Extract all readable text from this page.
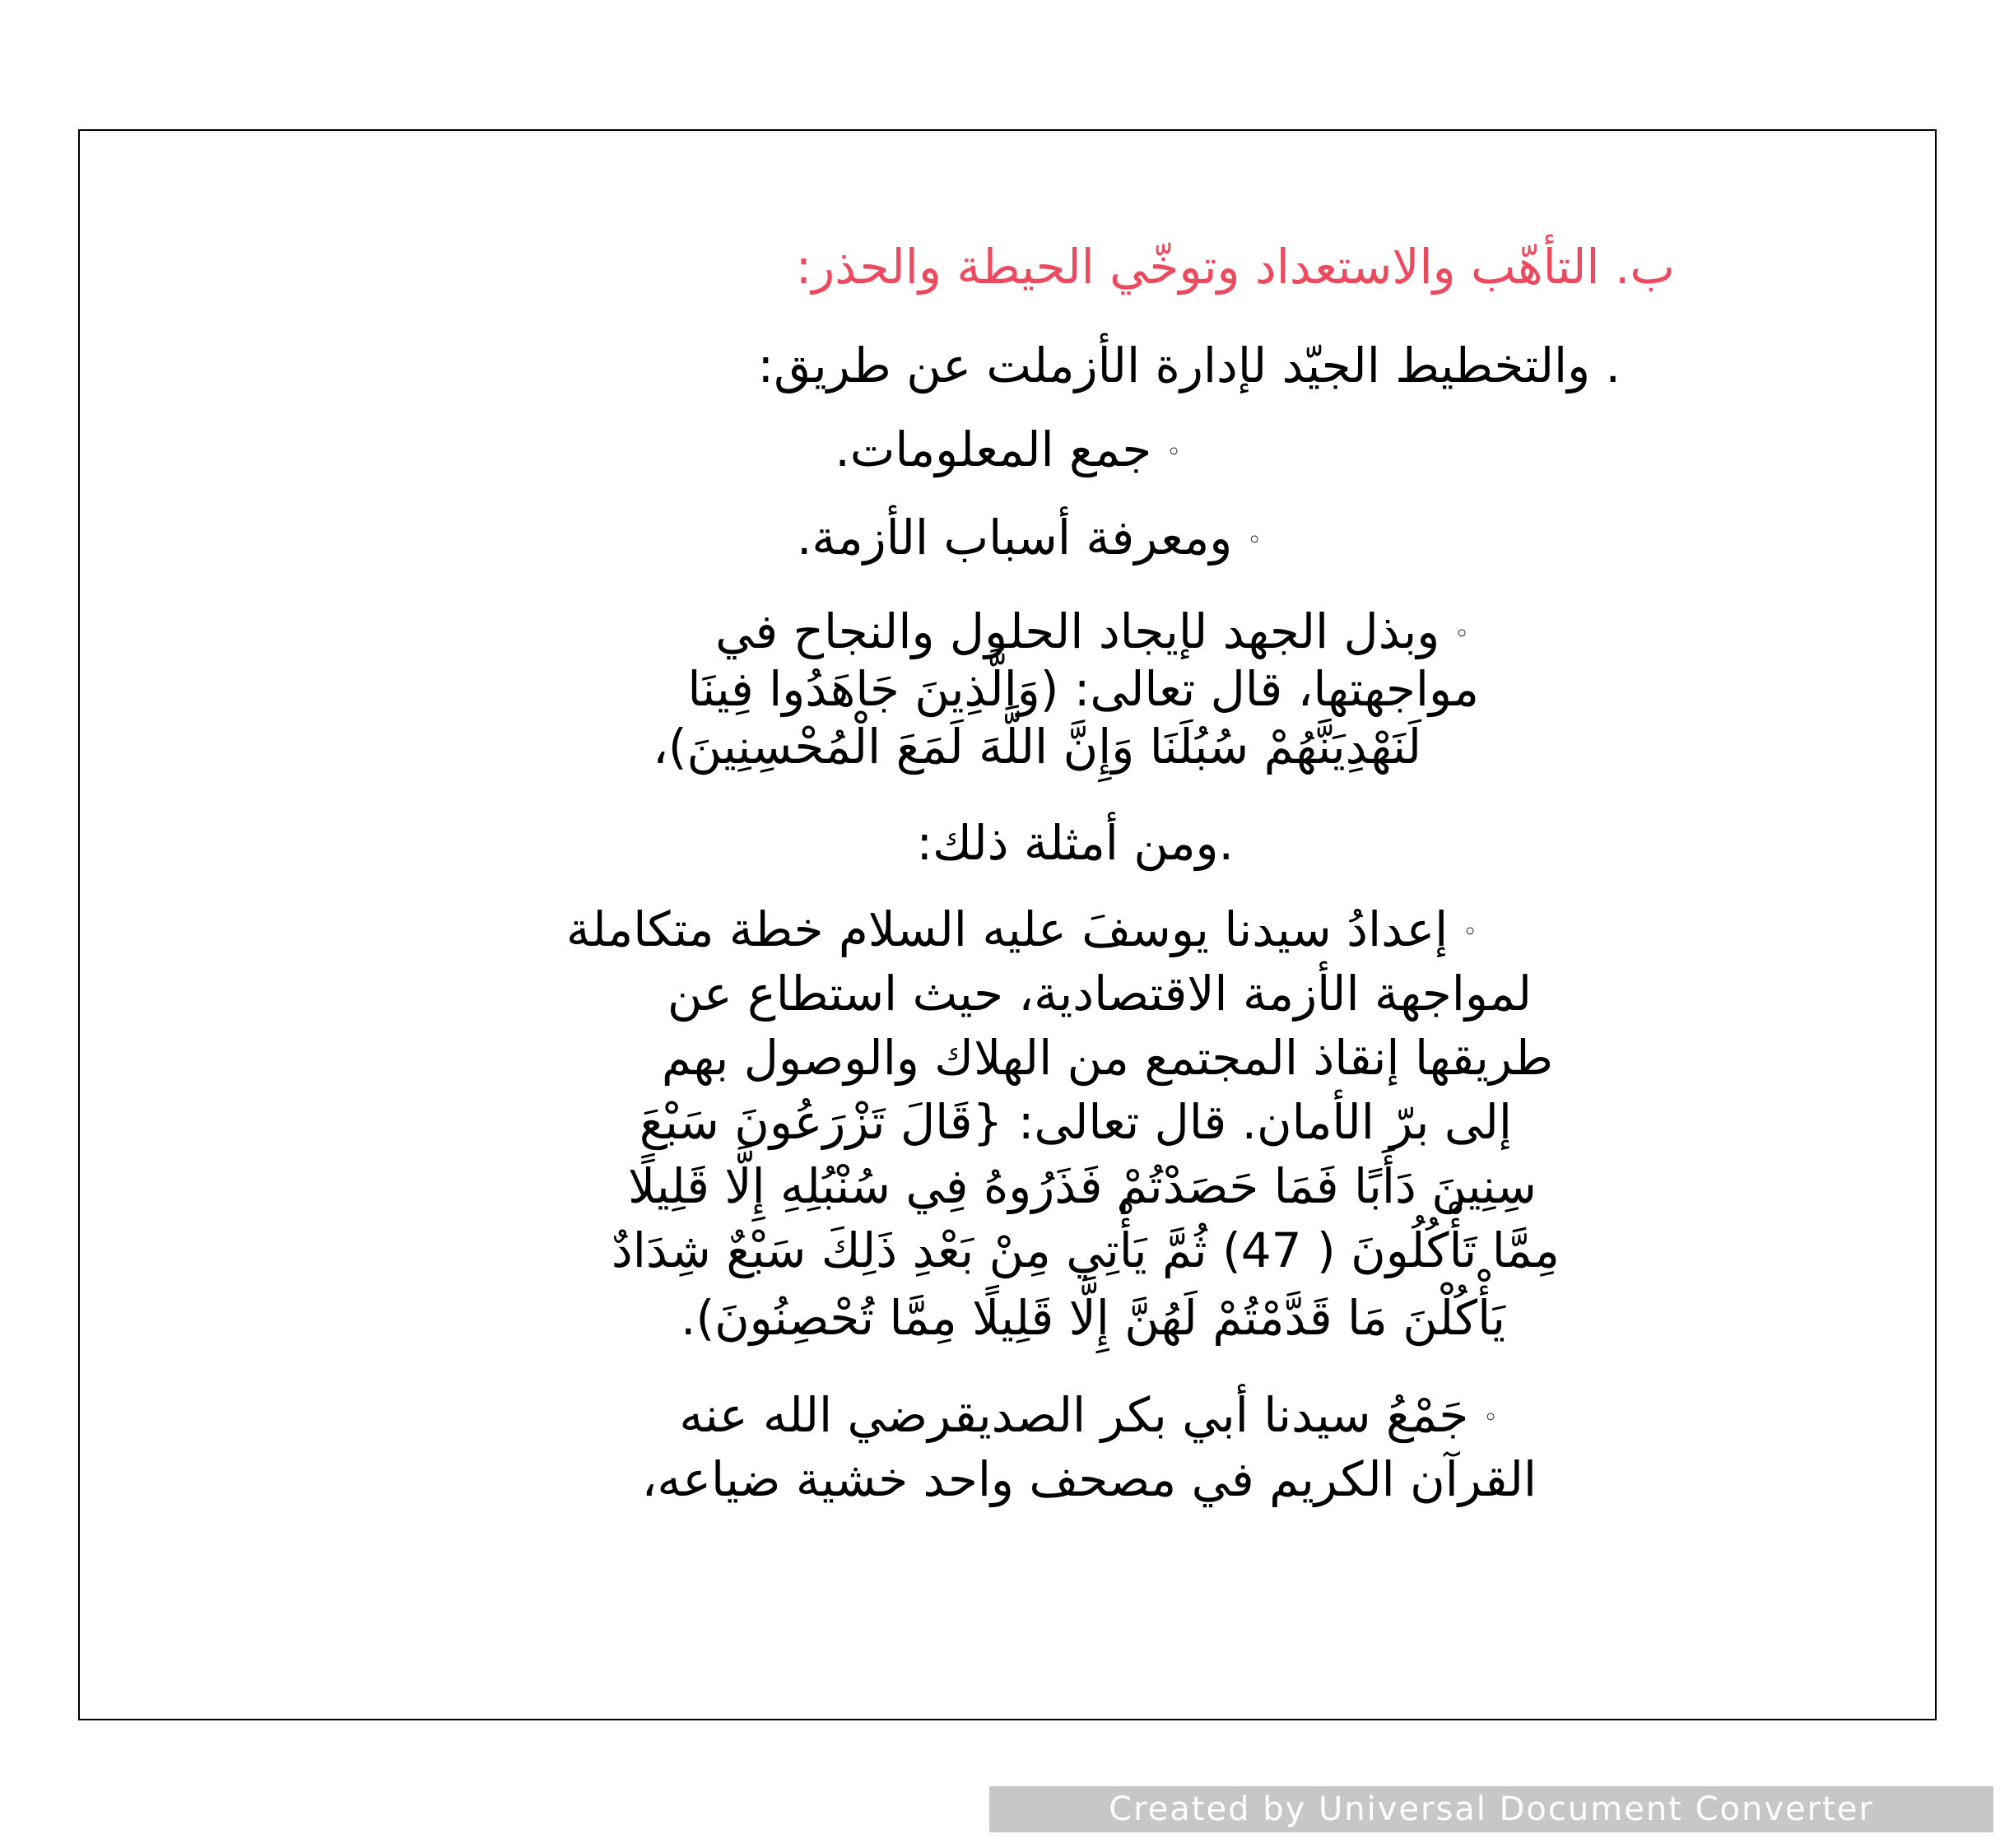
ب. التأهّب والاستعداد وتوخّي الحيطة والحذر:
. والتخطيط الجيّد لإدارة الأزملت عن طريق:
◦جمع المعلومات.
◦ومعرفة أسباب الأزمة.
◦وبذل الجهد لإيجاد الحلول والنجاح في
مواجهتها، قال تعالى: (وَالَّذِينَ جَاهَدُوا فِينَا
لَنَهْدِيَنَّهُمْ سُبُلَنَا وَإِنَّ اللَّهَ لَمَعَ الْمُحْسِنِينَ)،
.ومن أمثلة ذلك:
◦إعدادُ سيدنا يوسفَ عليه السلام خطة متكاملة
لمواجهة الأزمة الاقتصادية، حيث استطاع عن
طريقها إنقاذ المجتمع من الهلاك والوصول بهم
إلى برّ الأمان. قال تعالى: {قَالَ تَزْرَعُونَ سَبْعَ
سِنِينَ دَأَبًا فَمَا حَصَدْتُمْ فَذَرُوهُ فِي سُنْبُلِهِ إِلَّا قَلِيلًا
مِمَّا تَأْكُلُونَ ( 47) ثُمَّ يَأْتِي مِنْ بَعْدِ ذَلِكَ سَبْعٌ شِدَادٌ
يَأْكُلْنَ مَا قَدَّمْتُمْ لَهُنَّ إِلَّا قَلِيلًا مِمَّا تُحْصِنُونَ).
◦جَمْعُ سيدنا أبي بكر الصديقرضي الله عنه
القرآن الكريم في مصحف واحد خشية ضياعه،
Created by Universal Document Converter
